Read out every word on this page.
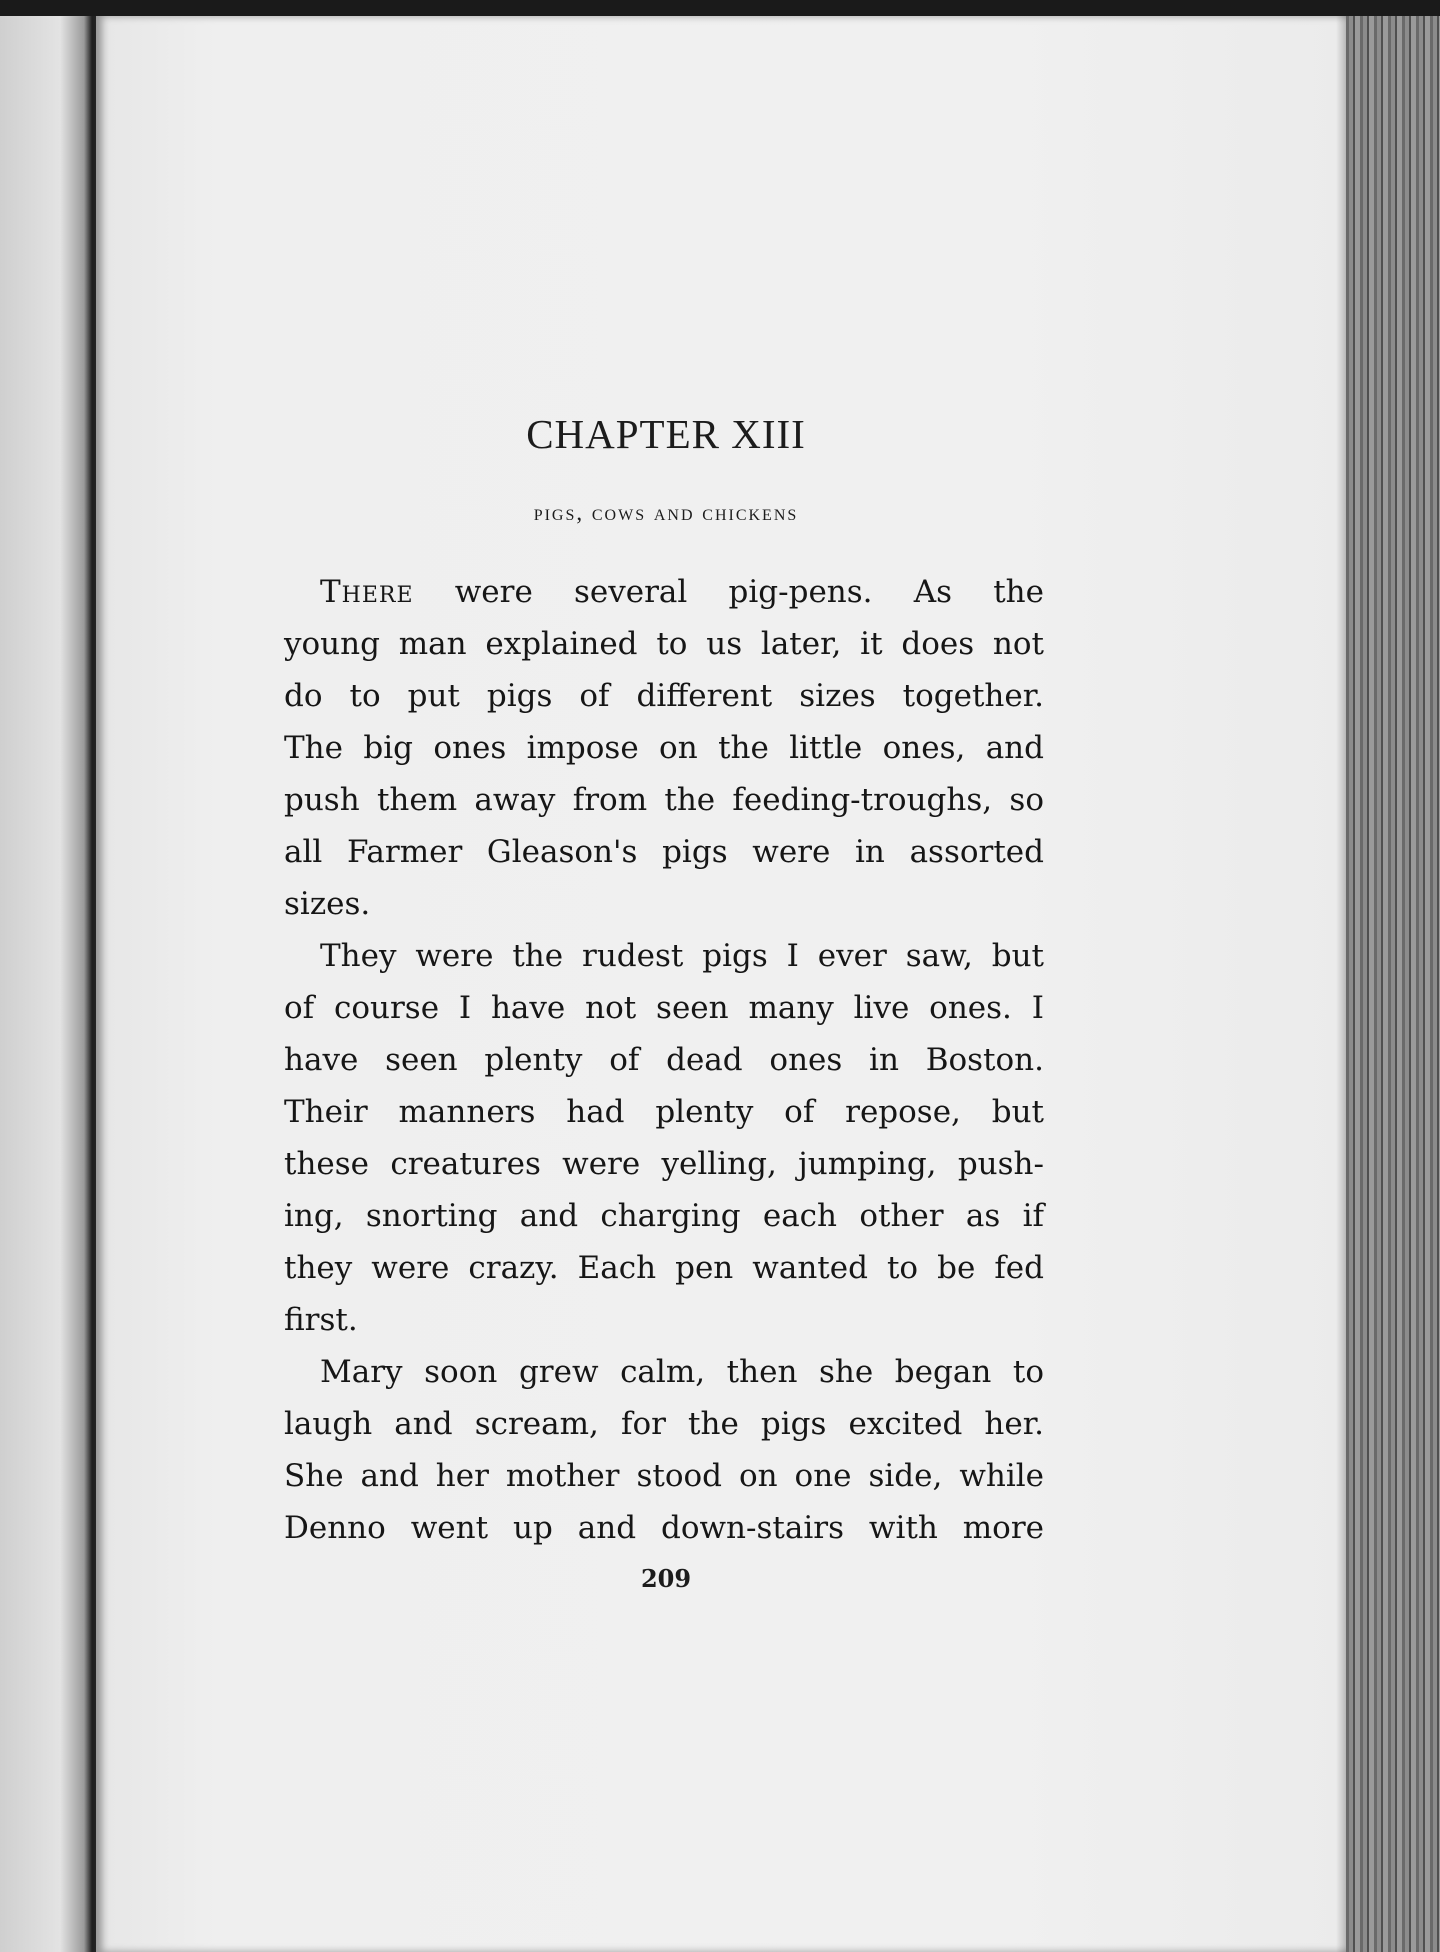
CHAPTER XIII
pigs, cows and chickens
There were several pig-pens. As the
young man explained to us later, it does not
do to put pigs of different sizes together.
The big ones impose on the little ones, and
push them away from the feeding-troughs, so
all Farmer Gleason's pigs were in assorted
sizes.
They were the rudest pigs I ever saw, but
of course I have not seen many live ones. I
have seen plenty of dead ones in Boston.
Their manners had plenty of repose, but
these creatures were yelling, jumping, push-
ing, snorting and charging each other as if
they were crazy. Each pen wanted to be fed
first.
Mary soon grew calm, then she began to
laugh and scream, for the pigs excited her.
She and her mother stood on one side, while
Denno went up and down-stairs with more
209
